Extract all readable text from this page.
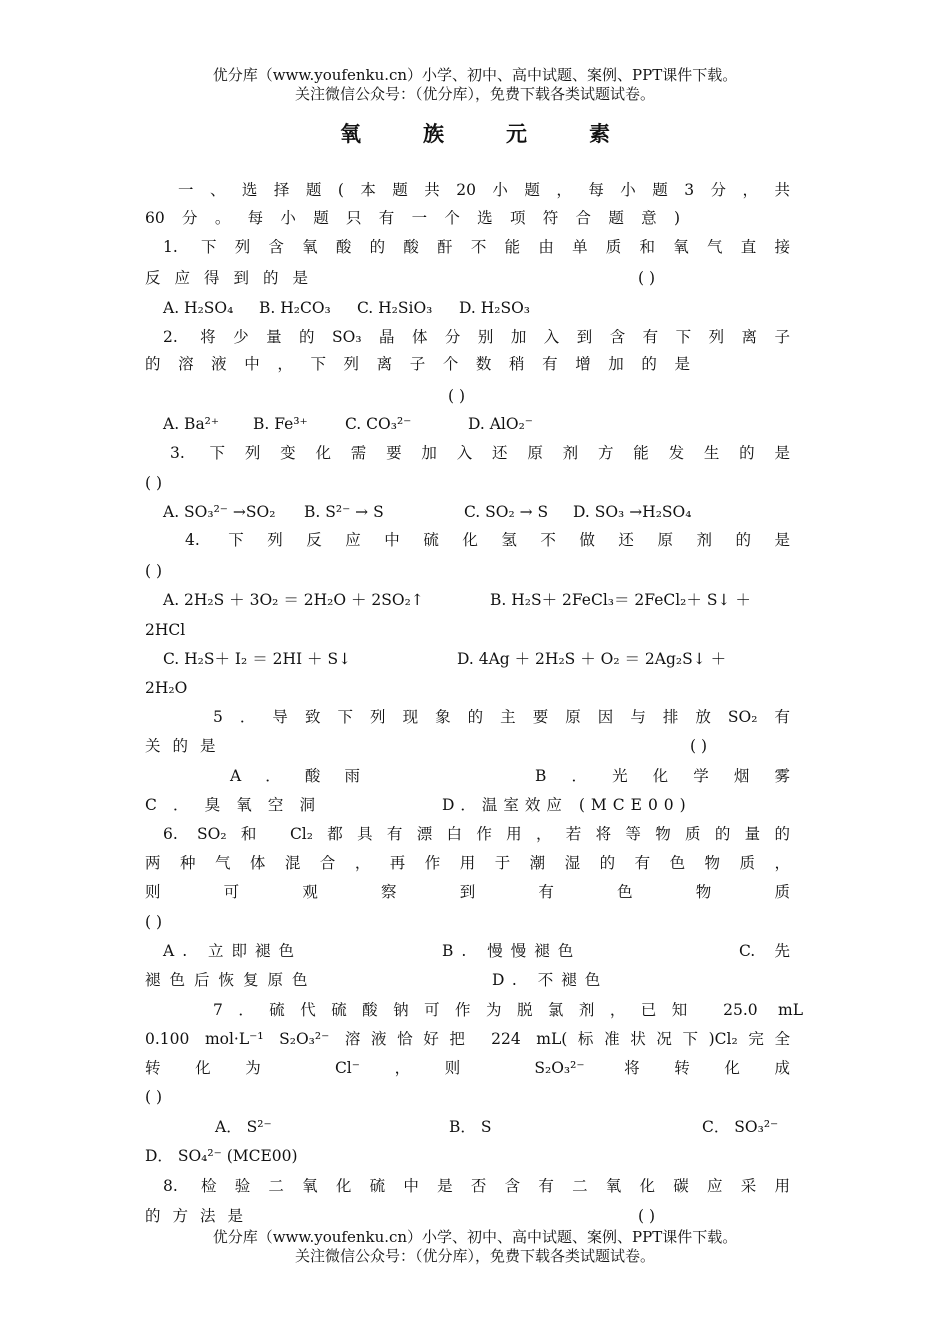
优分库（www.youfenku.cn）小学、初中、高中试题、案例、PPT课件下载。
关注微信公众号：（优分库），免费下载各类试题试卷。
氧族元素
一、选择题(本题共20小题，每小题3分，共
60分。每小题只有一个选项符合题意)
1. 下列含氧酸的酸酐不能由单质和氧气直接
反应得到的是	( )
A. H₂SO₄	B. H₂CO₃	C. H₂SiO₃	D. H₂SO₃
2. 将少量的SO₃晶体分别加入到含有下列离子
的溶液中，下列离子个数稍有增加的是
( )
A. Ba²⁺	B. Fe³⁺	C. CO₃²⁻	D. AlO₂⁻
3. 下列变化需要加入还原剂方能发生的是
( )
A. SO₃²⁻ →SO₂	B. S²⁻ → S	C. SO₂ → S	D. SO₃ →H₂SO₄
4. 下列反应中硫化氢不做还原剂的是
( )
A. 2H₂S ＋ 3O₂ ＝ 2H₂O ＋ 2SO₂↑	B. H₂S＋ 2FeCl₃＝ 2FeCl₂＋ S↓ ＋
2HCl
C. H₂S＋ I₂ ＝ 2HI ＋ S↓	D. 4Ag ＋ 2H₂S ＋ O₂ ＝ 2Ag₂S↓ ＋
2H₂O
5．导致下列现象的主要原因与排放SO₂有
关的是	( )
A．酸雨	B．光化学烟雾
C．臭氧空洞	D．温室效应 (MCE00)
6. SO₂和 Cl₂都具有漂白作用，若将等物质的量的
两种气体混合，再作用于潮湿的有色物质，
则可观察到有色物质
( )
A. 立即褪色	B. 慢慢褪色	C. 先
褪色后恢复原色	D. 不褪色
7．硫代硫酸钠可作为脱氯剂，已知 25.0 mL
0.100 mol·L⁻¹ S₂O₃²⁻ 溶液恰好把 224 mL(标准状况下)Cl₂完全
转化为 Cl⁻，则 S₂O₃²⁻ 将转化成
( )
A． S²⁻	B． S	C． SO₃²⁻
D． SO₄²⁻ (MCE00)
8. 检验二氧化硫中是否含有二氧化碳应采用
的方法是	( )
优分库（www.youfenku.cn）小学、初中、高中试题、案例、PPT课件下载。
关注微信公众号：（优分库），免费下载各类试题试卷。
